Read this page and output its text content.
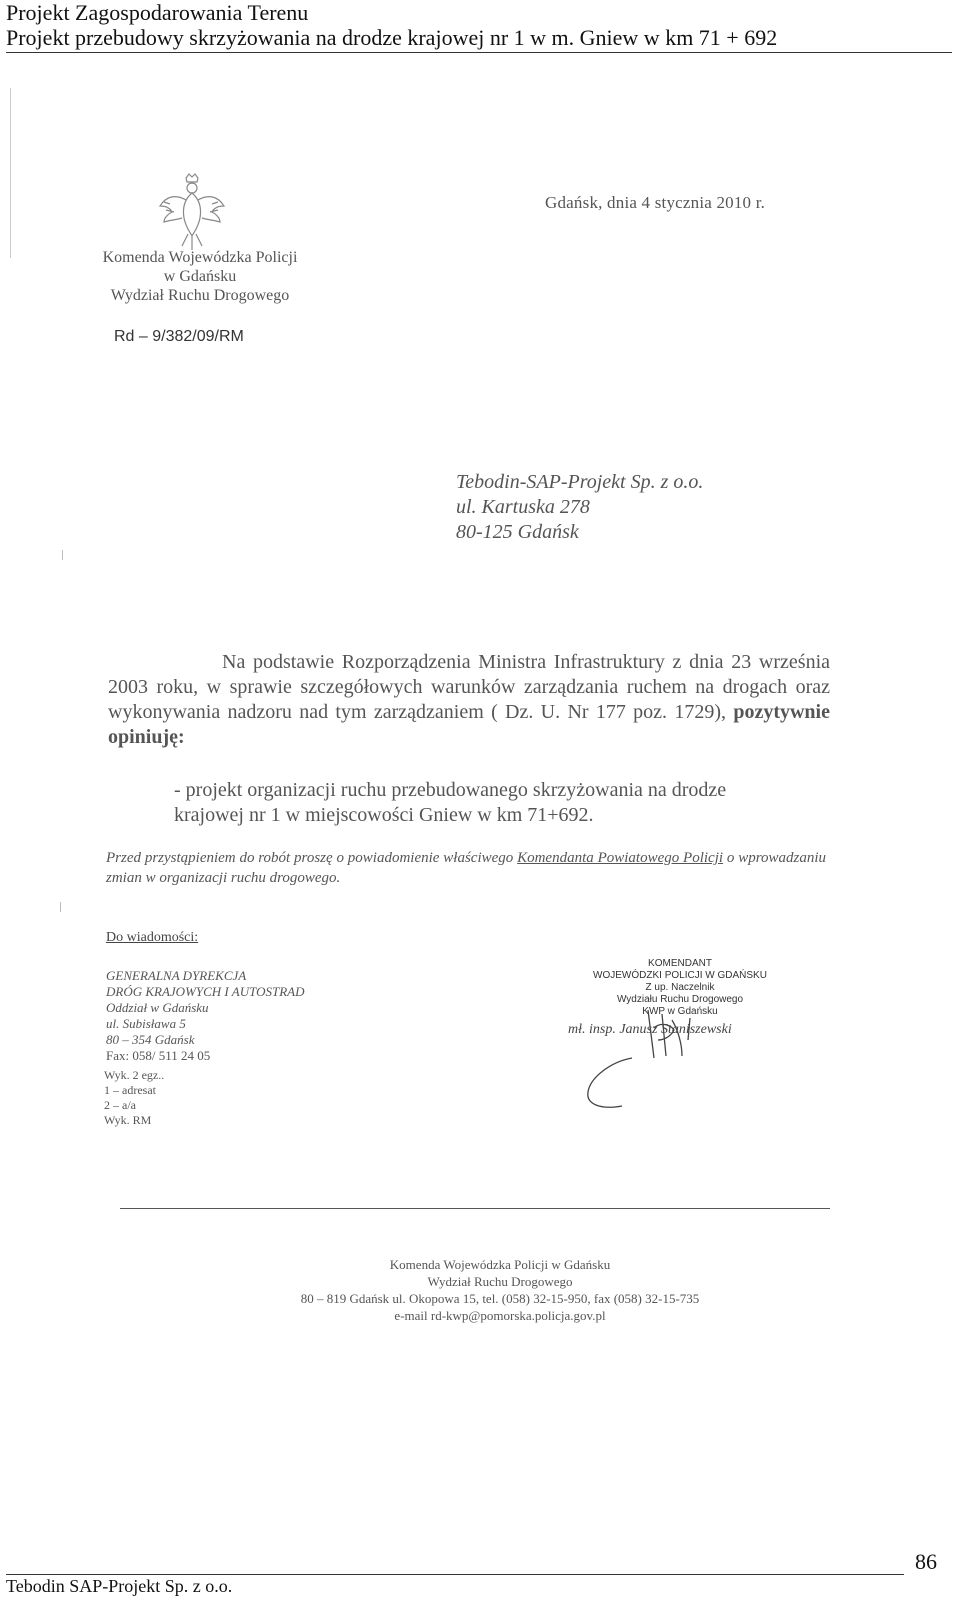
Projekt Zagospodarowania Terenu
Projekt przebudowy skrzyżowania na drodze krajowej nr 1 w m. Gniew w km 71 + 692
Gdańsk, dnia 4 stycznia 2010 r.
Komenda Wojewódzka Policji
w Gdańsku
Wydział Ruchu Drogowego
Rd – 9/382/09/RM
Tebodin-SAP-Projekt Sp. z o.o.
ul. Kartuska 278
80-125 Gdańsk
Na podstawie Rozporządzenia Ministra Infrastruktury z dnia 23 września 2003 roku, w sprawie szczegółowych warunków zarządzania ruchem na drogach oraz wykonywania nadzoru nad tym zarządzaniem ( Dz. U. Nr 177 poz. 1729), pozytywnie opiniuję:
- projekt organizacji ruchu przebudowanego skrzyżowania na drodze
krajowej nr 1 w miejscowości Gniew w km 71+692.
Przed przystąpieniem do robót proszę o powiadomienie właściwego Komendanta Powiatowego Policji o wprowadzaniu zmian w organizacji ruchu drogowego.
Do wiadomości:
GENERALNA DYREKCJA
DRÓG KRAJOWYCH I AUTOSTRAD
Oddział w Gdańsku
ul. Subisława 5
80 – 354 Gdańsk
Fax: 058/ 511 24 05
KOMENDANT
WOJEWÓDZKI POLICJI W GDAŃSKU
Z up. Naczelnik
Wydziału Ruchu Drogowego
KWP w Gdańsku
mł. insp. Janusz Staniszewski
Wyk. 2 egz..
1 – adresat
2 – a/a
Wyk. RM
Komenda Wojewódzka Policji w Gdańsku
Wydział Ruchu Drogowego
80 – 819 Gdańsk ul. Okopowa 15, tel. (058) 32-15-950, fax (058) 32-15-735
e-mail rd-kwp@pomorska.policja.gov.pl
Tebodin SAP-Projekt Sp. z o.o.
86
